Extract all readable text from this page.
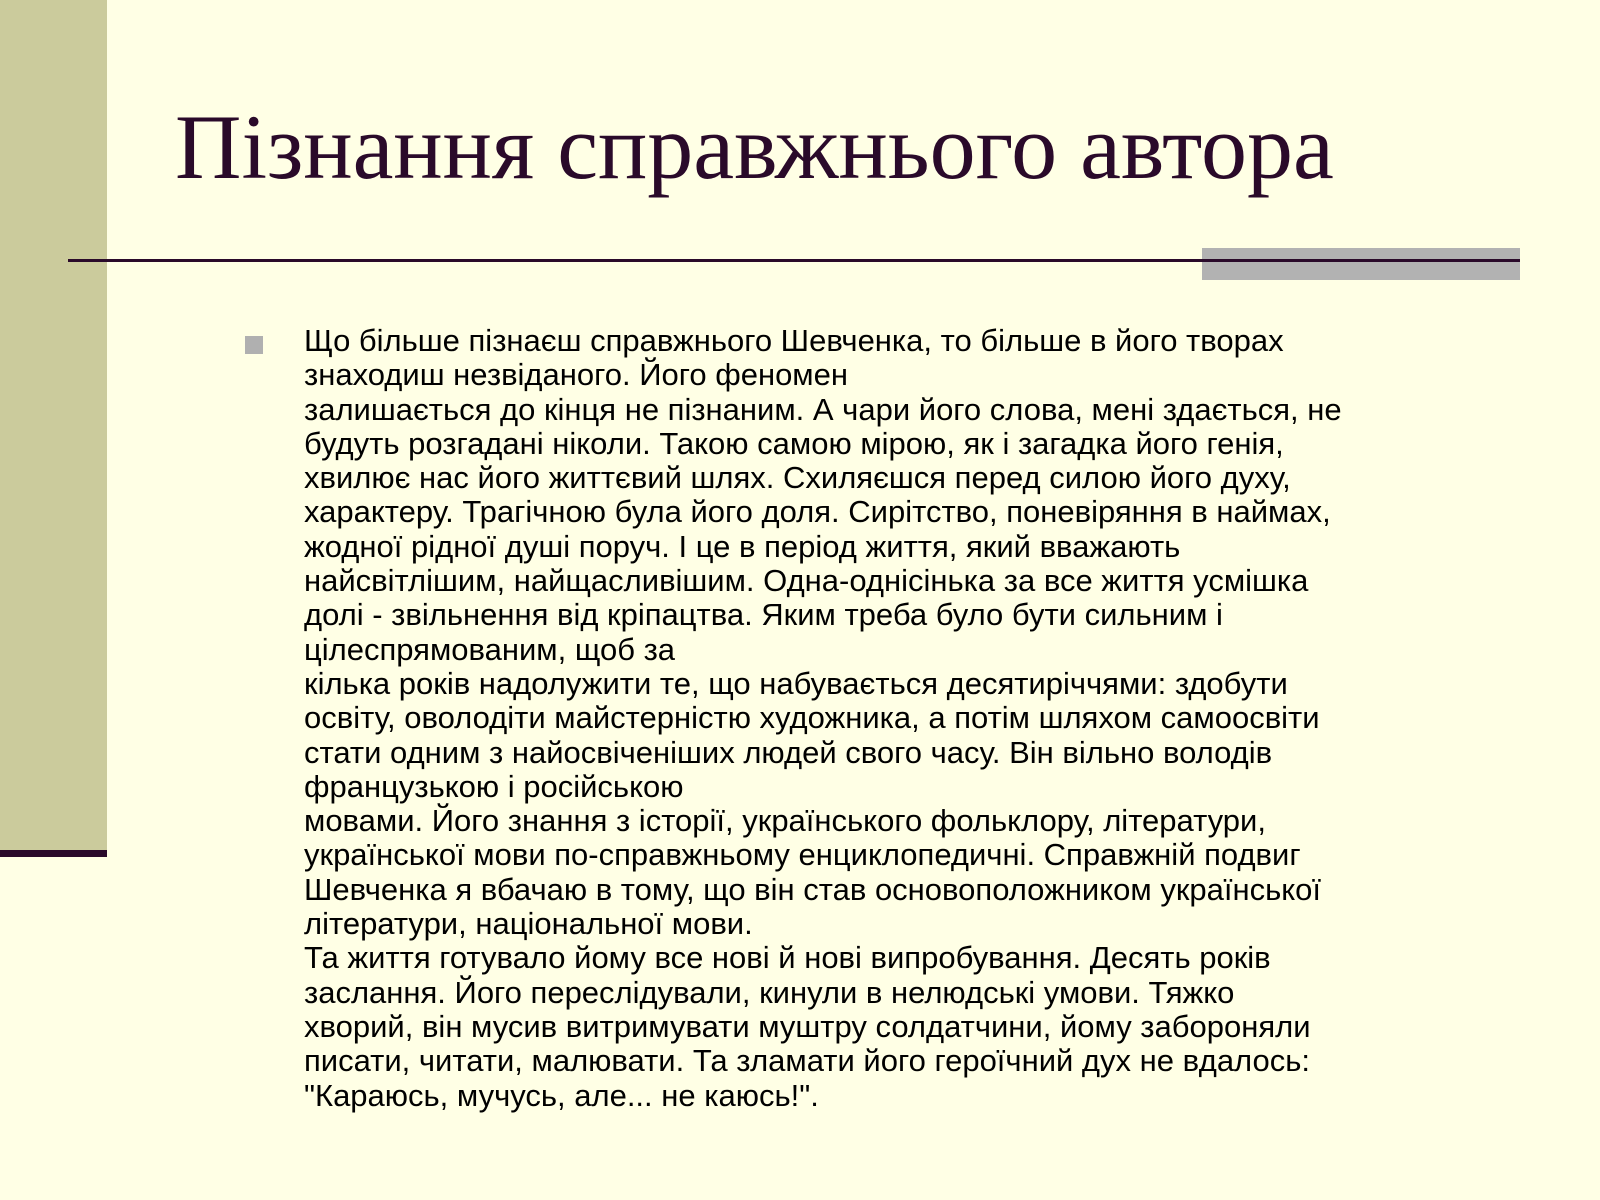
Пізнання справжнього автора

Що більше пізнаєш справжнього Шевченка, то більше в його творах
знаходиш незвіданого. Його феномен
залишається до кінця не пізнаним. А чари його слова, мені здається, не
будуть розгадані ніколи. Такою самою мірою, як і загадка його генія,
хвилює нас його життєвий шлях. Схиляєшся перед силою його духу,
характеру. Трагічною була його доля. Сирітство, поневіряння в наймах,
жодної рідної душі поруч. І це в період життя, який вважають
найсвітлішим, найщасливішим. Одна-однісінька за все життя усмішка
долі - звільнення від кріпацтва. Яким треба було бути сильним і
цілеспрямованим, щоб за
кілька років надолужити те, що набувається десятиріччями: здобути
освіту, оволодіти майстерністю художника, а потім шляхом самоосвіти
стати одним з найосвіченіших людей свого часу. Він вільно володів
французькою і російською
мовами. Його знання з історії, українського фольклору, літератури,
української мови по-справжньому енциклопедичні. Справжній подвиг
Шевченка я вбачаю в тому, що він став основоположником української
літератури, національної мови.
Та життя готувало йому все нові й нові випробування. Десять років
заслання. Його переслідували, кинули в нелюдські умови. Тяжко
хворий, він мусив витримувати муштру солдатчини, йому забороняли
писати, читати, малювати. Та зламати його героїчний дух не вдалось:
"Караюсь, мучусь, але... не каюсь!".
